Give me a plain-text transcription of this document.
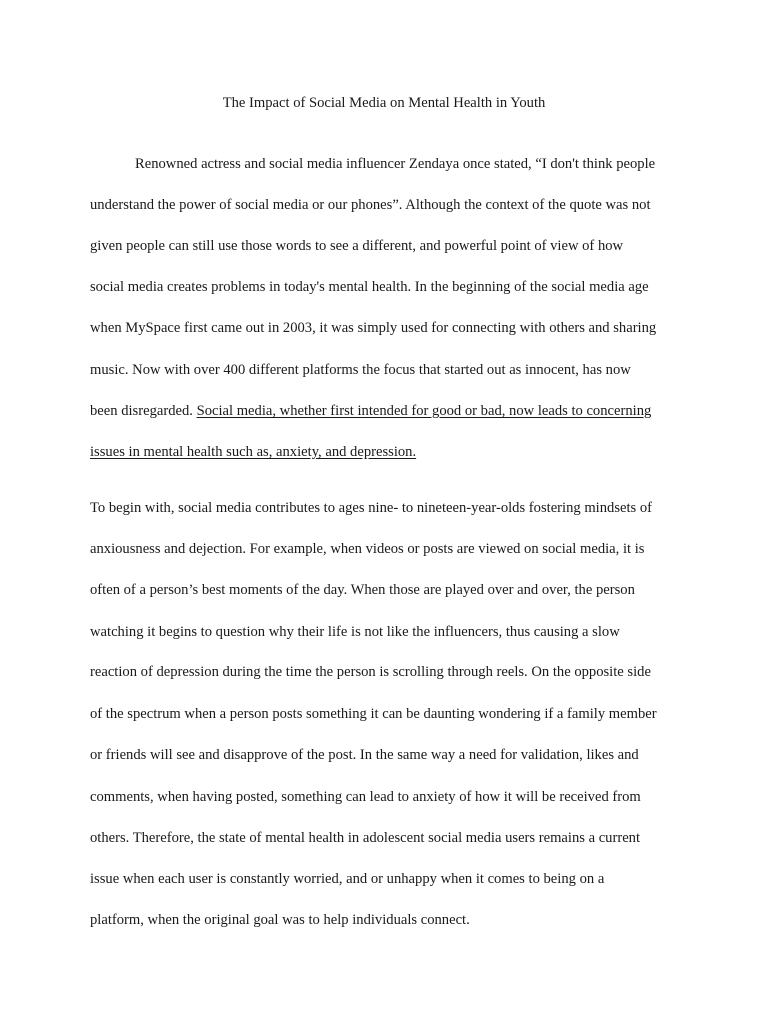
The Impact of Social Media on Mental Health in Youth
Renowned actress and social media influencer Zendaya once stated, “I don't think people
understand the power of social media or our phones”. Although the context of the quote was not
given people can still use those words to see a different, and powerful point of view of how
social media creates problems in today's mental health. In the beginning of the social media age
when MySpace first came out in 2003, it was simply used for connecting with others and sharing
music. Now with over 400 different platforms the focus that started out as innocent, has now
been disregarded. Social media, whether first intended for good or bad, now leads to concerning
issues in mental health such as, anxiety, and depression.
To begin with, social media contributes to ages nine- to nineteen-year-olds fostering mindsets of
anxiousness and dejection. For example, when videos or posts are viewed on social media, it is
often of a person’s best moments of the day. When those are played over and over, the person
watching it begins to question why their life is not like the influencers, thus causing a slow
reaction of depression during the time the person is scrolling through reels. On the opposite side
of the spectrum when a person posts something it can be daunting wondering if a family member
or friends will see and disapprove of the post. In the same way a need for validation, likes and
comments, when having posted, something can lead to anxiety of how it will be received from
others. Therefore, the state of mental health in adolescent social media users remains a current
issue when each user is constantly worried, and or unhappy when it comes to being on a
platform, when the original goal was to help individuals connect.
